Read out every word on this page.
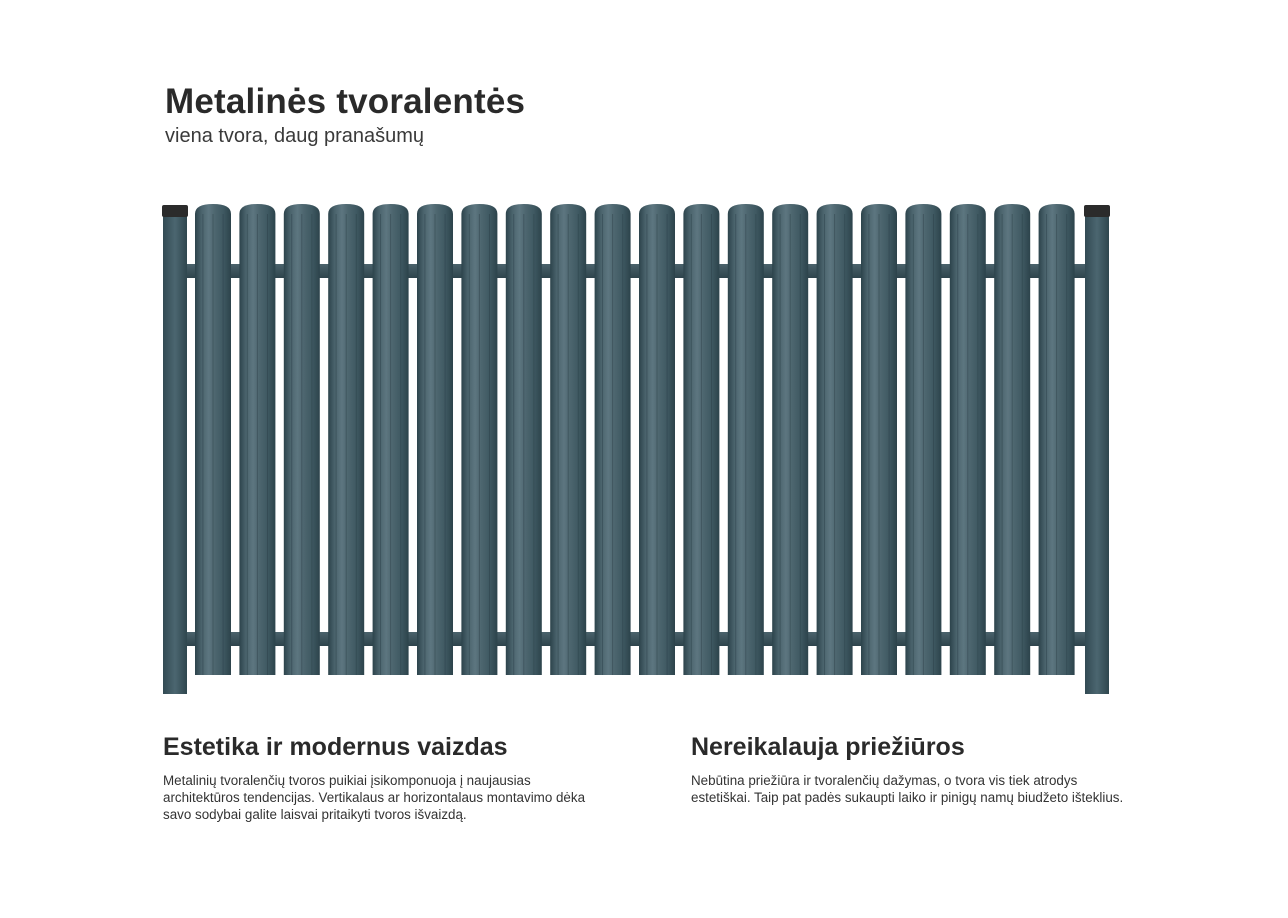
Metalinės tvoralentės

viena tvora, daug pranašumų

Estetika ir modernus vaizdas

Metalinių tvoralenčių tvoros puikiai įsikomponuoja į naujausias architektūros tendencijas. Vertikalaus ar horizontalaus montavimo dėka savo sodybai galite laisvai pritaikyti tvoros išvaizdą.

Nereikalauja priežiūros

Nebūtina priežiūra ir tvoralenčių dažymas, o tvora vis tiek atrodys estetiškai. Taip pat padės sukaupti laiko ir pinigų namų biudžeto išteklius.
